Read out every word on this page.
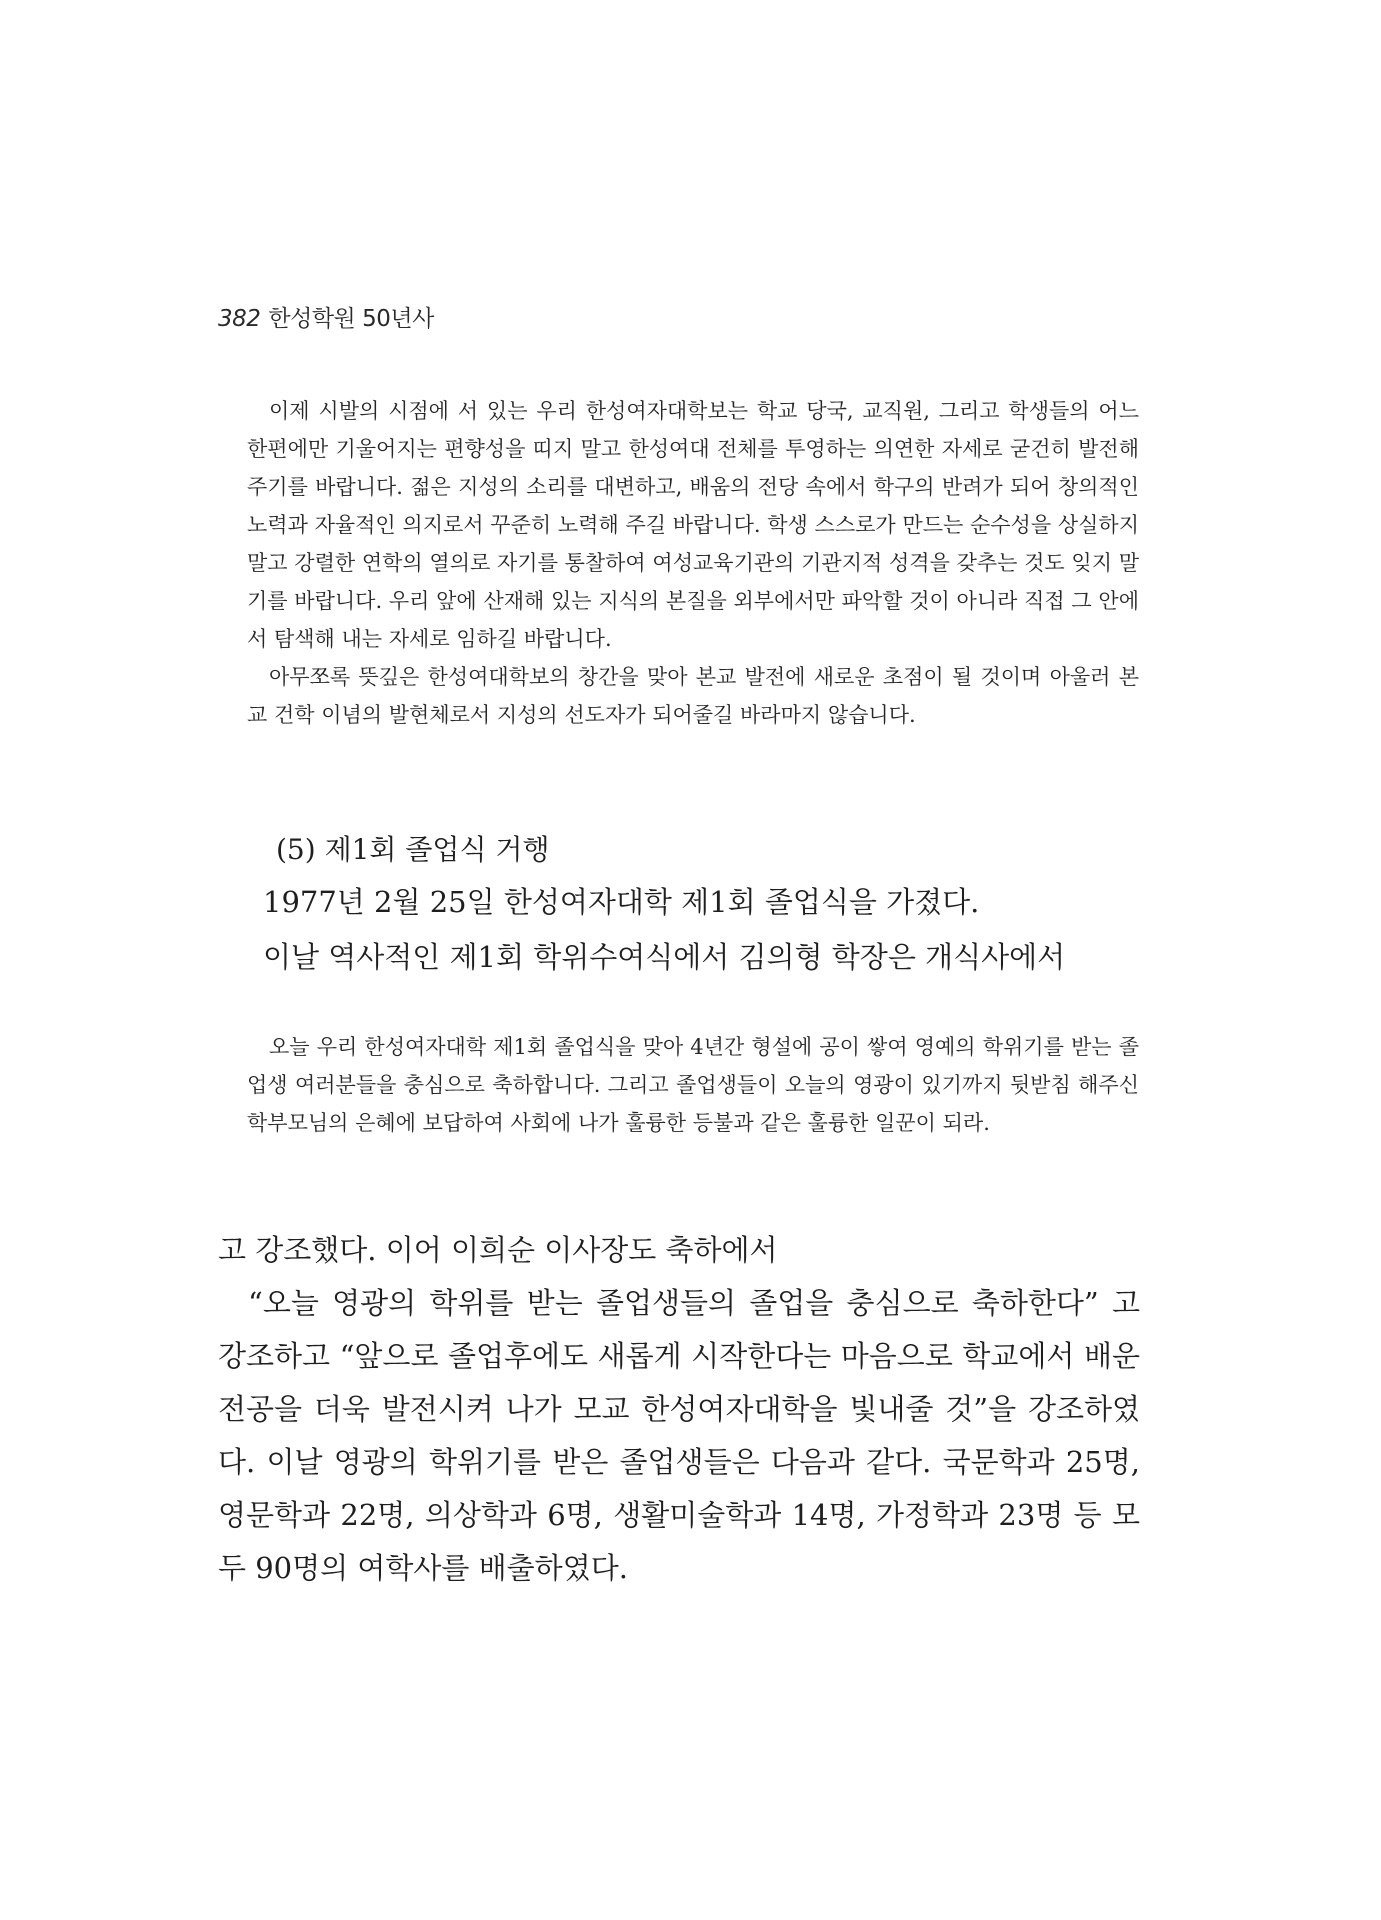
382 한성학원 50년사

이제 시발의 시점에 서 있는 우리 한성여자대학보는 학교 당국, 교직원, 그리고 학생들의 어느 한편에만 기울어지는 편향성을 띠지 말고 한성여대 전체를 투영하는 의연한 자세로 굳건히 발전해 주기를 바랍니다. 젊은 지성의 소리를 대변하고, 배움의 전당 속에서 학구의 반려가 되어 창의적인 노력과 자율적인 의지로서 꾸준히 노력해 주길 바랍니다. 학생 스스로가 만드는 순수성을 상실하지 말고 강렬한 연학의 열의로 자기를 통찰하여 여성교육기관의 기관지적 성격을 갖추는 것도 잊지 말기를 바랍니다. 우리 앞에 산재해 있는 지식의 본질을 외부에서만 파악할 것이 아니라 직접 그 안에서 탐색해 내는 자세로 임하길 바랍니다.

아무쪼록 뜻깊은 한성여대학보의 창간을 맞아 본교 발전에 새로운 초점이 될 것이며 아울러 본교 건학 이념의 발현체로서 지성의 선도자가 되어줄길 바라마지 않습니다.

(5) 제1회 졸업식 거행
1977년 2월 25일 한성여자대학 제1회 졸업식을 가졌다.
이날 역사적인 제1회 학위수여식에서 김의형 학장은 개식사에서

오늘 우리 한성여자대학 제1회 졸업식을 맞아 4년간 형설에 공이 쌓여 영예의 학위기를 받는 졸업생 여러분들을 충심으로 축하합니다. 그리고 졸업생들이 오늘의 영광이 있기까지 뒷받침 해주신 학부모님의 은혜에 보답하여 사회에 나가 훌륭한 등불과 같은 훌륭한 일꾼이 되라.

고 강조했다. 이어 이희순 이사장도 축하에서

“오늘 영광의 학위를 받는 졸업생들의 졸업을 충심으로 축하한다” 고 강조하고 “앞으로 졸업후에도 새롭게 시작한다는 마음으로 학교에서 배운 전공을 더욱 발전시켜 나가 모교 한성여자대학을 빛내줄 것”을 강조하였다. 이날 영광의 학위기를 받은 졸업생들은 다음과 같다. 국문학과 25명, 영문학과 22명, 의상학과 6명, 생활미술학과 14명, 가정학과 23명 등 모두 90명의 여학사를 배출하였다.
